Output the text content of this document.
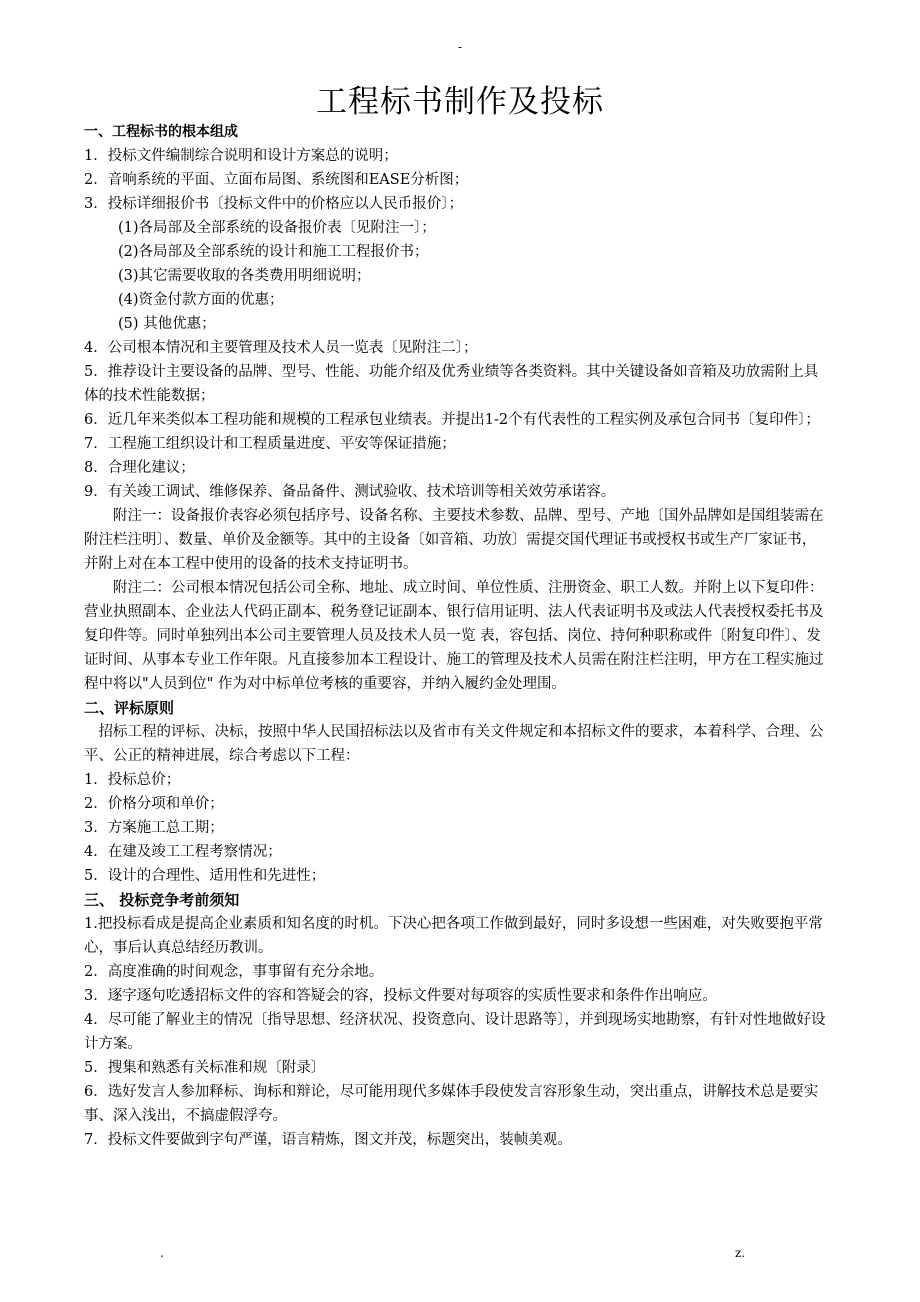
-
工程标书制作及投标

一、工程标书的根本组成

1．投标文件编制综合说明和设计方案总的说明；

2．音响系统的平面、立面布局图、系统图和EASE分析图；

3．投标详细报价书〔投标文件中的价格应以人民币报价〕；

(1)各局部及全部系统的设备报价表〔见附注一〕；

(2)各局部及全部系统的设计和施工工程报价书；

(3)其它需要收取的各类费用明细说明；

(4)资金付款方面的优惠；

(5) 其他优惠；

4．公司根本情况和主要管理及技术人员一览表〔见附注二〕；

5．推荐设计主要设备的品牌、型号、性能、功能介绍及优秀业绩等各类资料。其中关键设备如音箱及功放需附上具体的技术性能数据；

6．近几年来类似本工程功能和规模的工程承包业绩表。并提出1-2个有代表性的工程实例及承包合同书〔复印件〕；

7．工程施工组织设计和工程质量进度、平安等保证措施；

8．合理化建议；

9．有关竣工调试、维修保养、备品备件、测试验收、技术培训等相关效劳承诺容。

附注一：设备报价表容必须包括序号、设备名称、主要技术参数、品牌、型号、产地〔国外品牌如是国组装需在附注栏注明〕、数量、单价及金额等。其中的主设备〔如音箱、功放〕需提交国代理证书或授权书或生产厂家证书，并附上对在本工程中使用的设备的技术支持证明书。

附注二：公司根本情况包括公司全称、地址、成立时间、单位性质、注册资金、职工人数。并附上以下复印件：营业执照副本、企业法人代码正副本、税务登记证副本、银行信用证明、法人代表证明书及或法人代表授权委托书及复印件等。同时单独列出本公司主要管理人员及技术人员一览 表，容包括、岗位、持何种职称或件〔附复印件〕、发证时间、从事本专业工作年限。凡直接参加本工程设计、施工的管理及技术人员需在附注栏注明，甲方在工程实施过程中将以"人员到位" 作为对中标单位考核的重要容，并纳入履约金处理围。

二、评标原则

招标工程的评标、决标，按照中华人民国招标法以及省市有关文件规定和本招标文件的要求，本着科学、合理、公平、公正的精神进展，综合考虑以下工程：

1．投标总价；

2．价格分项和单价；

3．方案施工总工期；

4．在建及竣工工程考察情况；

5．设计的合理性、适用性和先进性；

三、 投标竞争考前须知

1.把投标看成是提高企业素质和知名度的时机。下决心把各项工作做到最好，同时多设想一些困难，对失败要抱平常心，事后认真总结经历教训。

2．高度准确的时间观念，事事留有充分余地。

3．逐字逐句吃透招标文件的容和答疑会的容，投标文件要对每项容的实质性要求和条件作出响应。

4．尽可能了解业主的情况〔指导思想、经济状况、投资意向、设计思路等〕，并到现场实地勘察，有针对性地做好设计方案。

5．搜集和熟悉有关标准和规〔附录〕

6．选好发言人参加释标、询标和辩论，尽可能用现代多媒体手段使发言容形象生动，突出重点，讲解技术总是要实事、深入浅出，不搞虚假浮夸。

7．投标文件要做到字句严谨，语言精炼，图文并茂，标题突出，装帧美观。

.	z.
